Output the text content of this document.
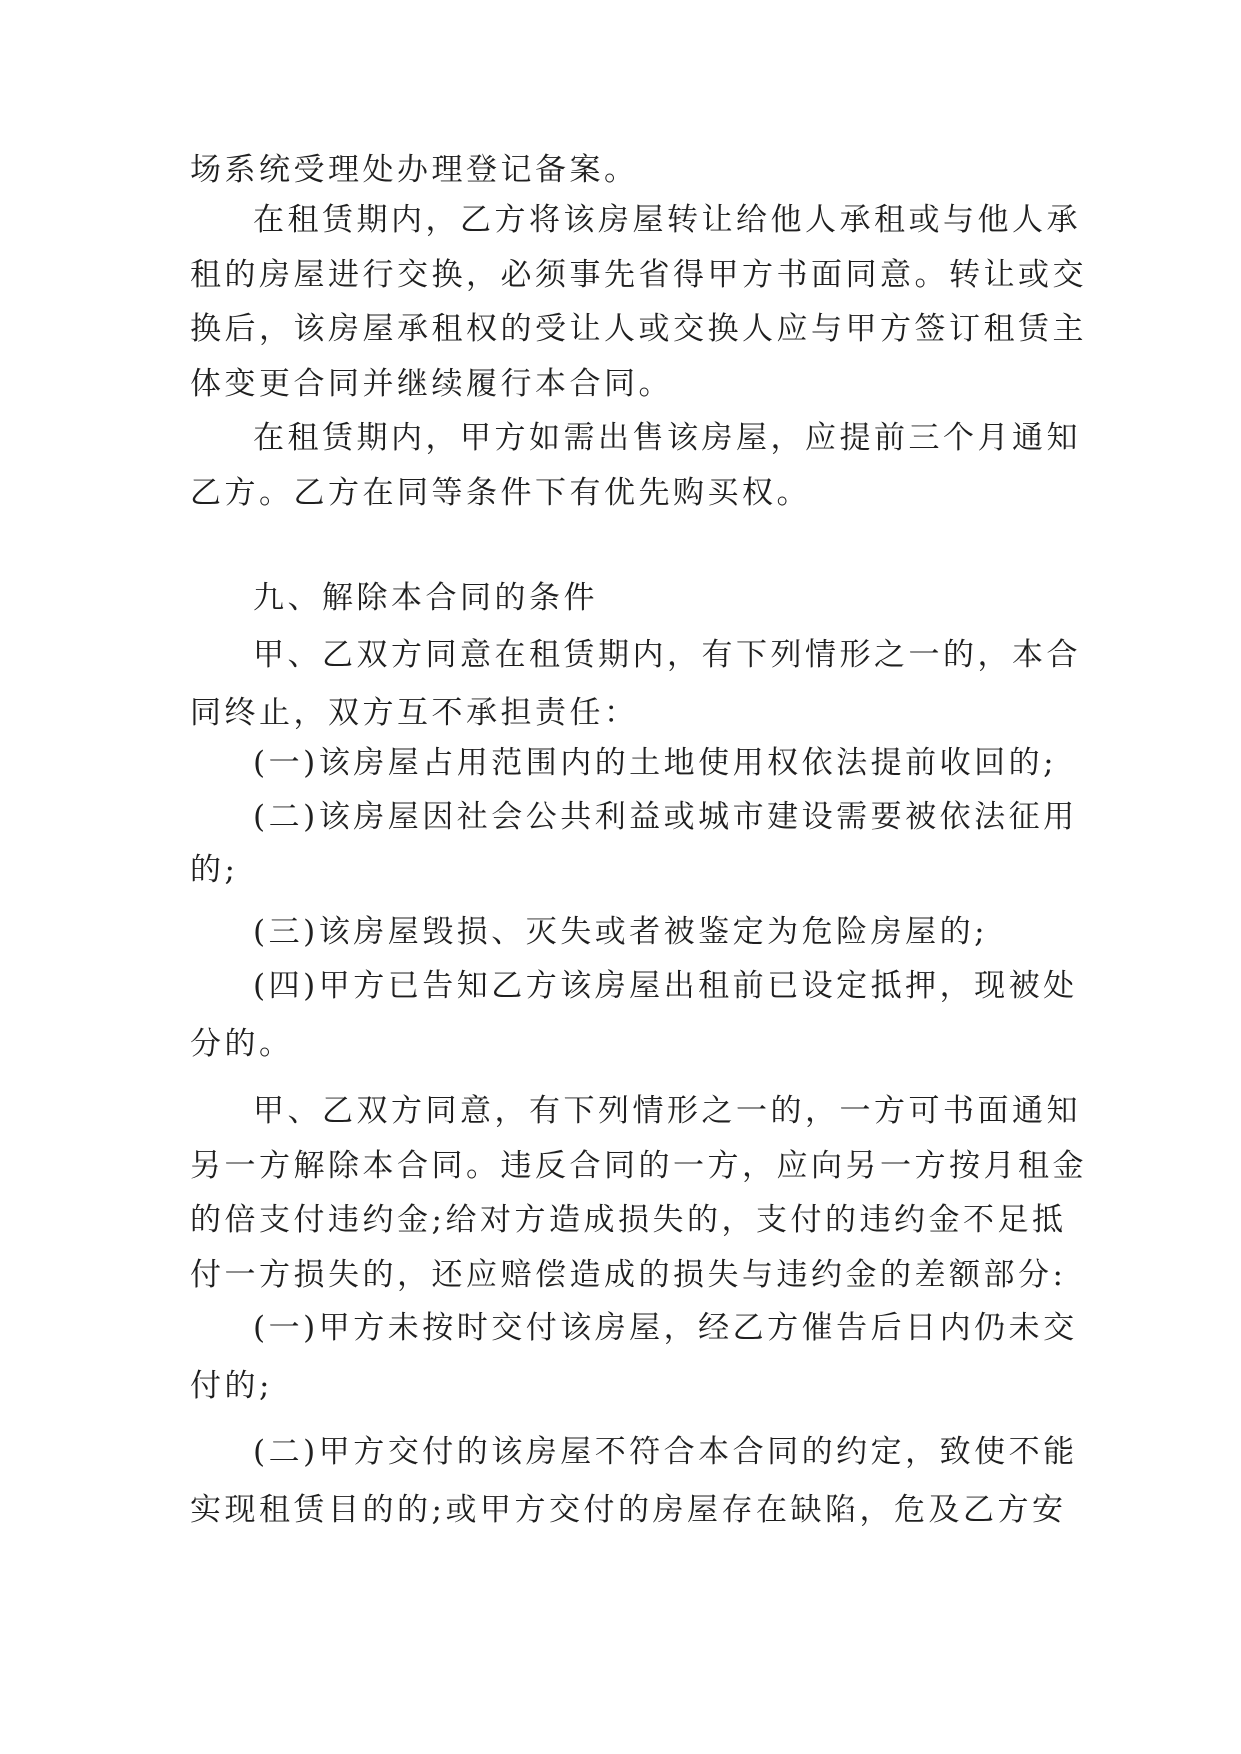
场系统受理处办理登记备案。
在租赁期内，乙方将该房屋转让给他人承租或与他人承
体变更合同并继续履行本合同。
换后，该房屋承租权的受让人或交换人应与甲方签订租赁主
租的房屋进行交换，必须事先省得甲方书面同意。转让或交
在租赁期内，甲方如需出售该房屋，应提前三个月通知
乙方。乙方在同等条件下有优先购买权。
九、解除本合同的条件
甲、乙双方同意在租赁期内，有下列情形之一的，本合
同终止，双方互不承担责任：
(一)该房屋占用范围内的土地使用权依法提前收回的;
(二)该房屋因社会公共利益或城市建设需要被依法征用
的;
(三)该房屋毁损、灭失或者被鉴定为危险房屋的;
(四)甲方已告知乙方该房屋出租前已设定抵押，现被处
分的。
甲、乙双方同意，有下列情形之一的，一方可书面通知
付一方损失的，还应赔偿造成的损失与违约金的差额部分:
的倍支付违约金;给对方造成损失的，支付的违约金不足抵
另一方解除本合同。违反合同的一方，应向另一方按月租金
(一)甲方未按时交付该房屋，经乙方催告后日内仍未交
付的;
(二)甲方交付的该房屋不符合本合同的约定，致使不能
实现租赁目的的;或甲方交付的房屋存在缺陷，危及乙方安
